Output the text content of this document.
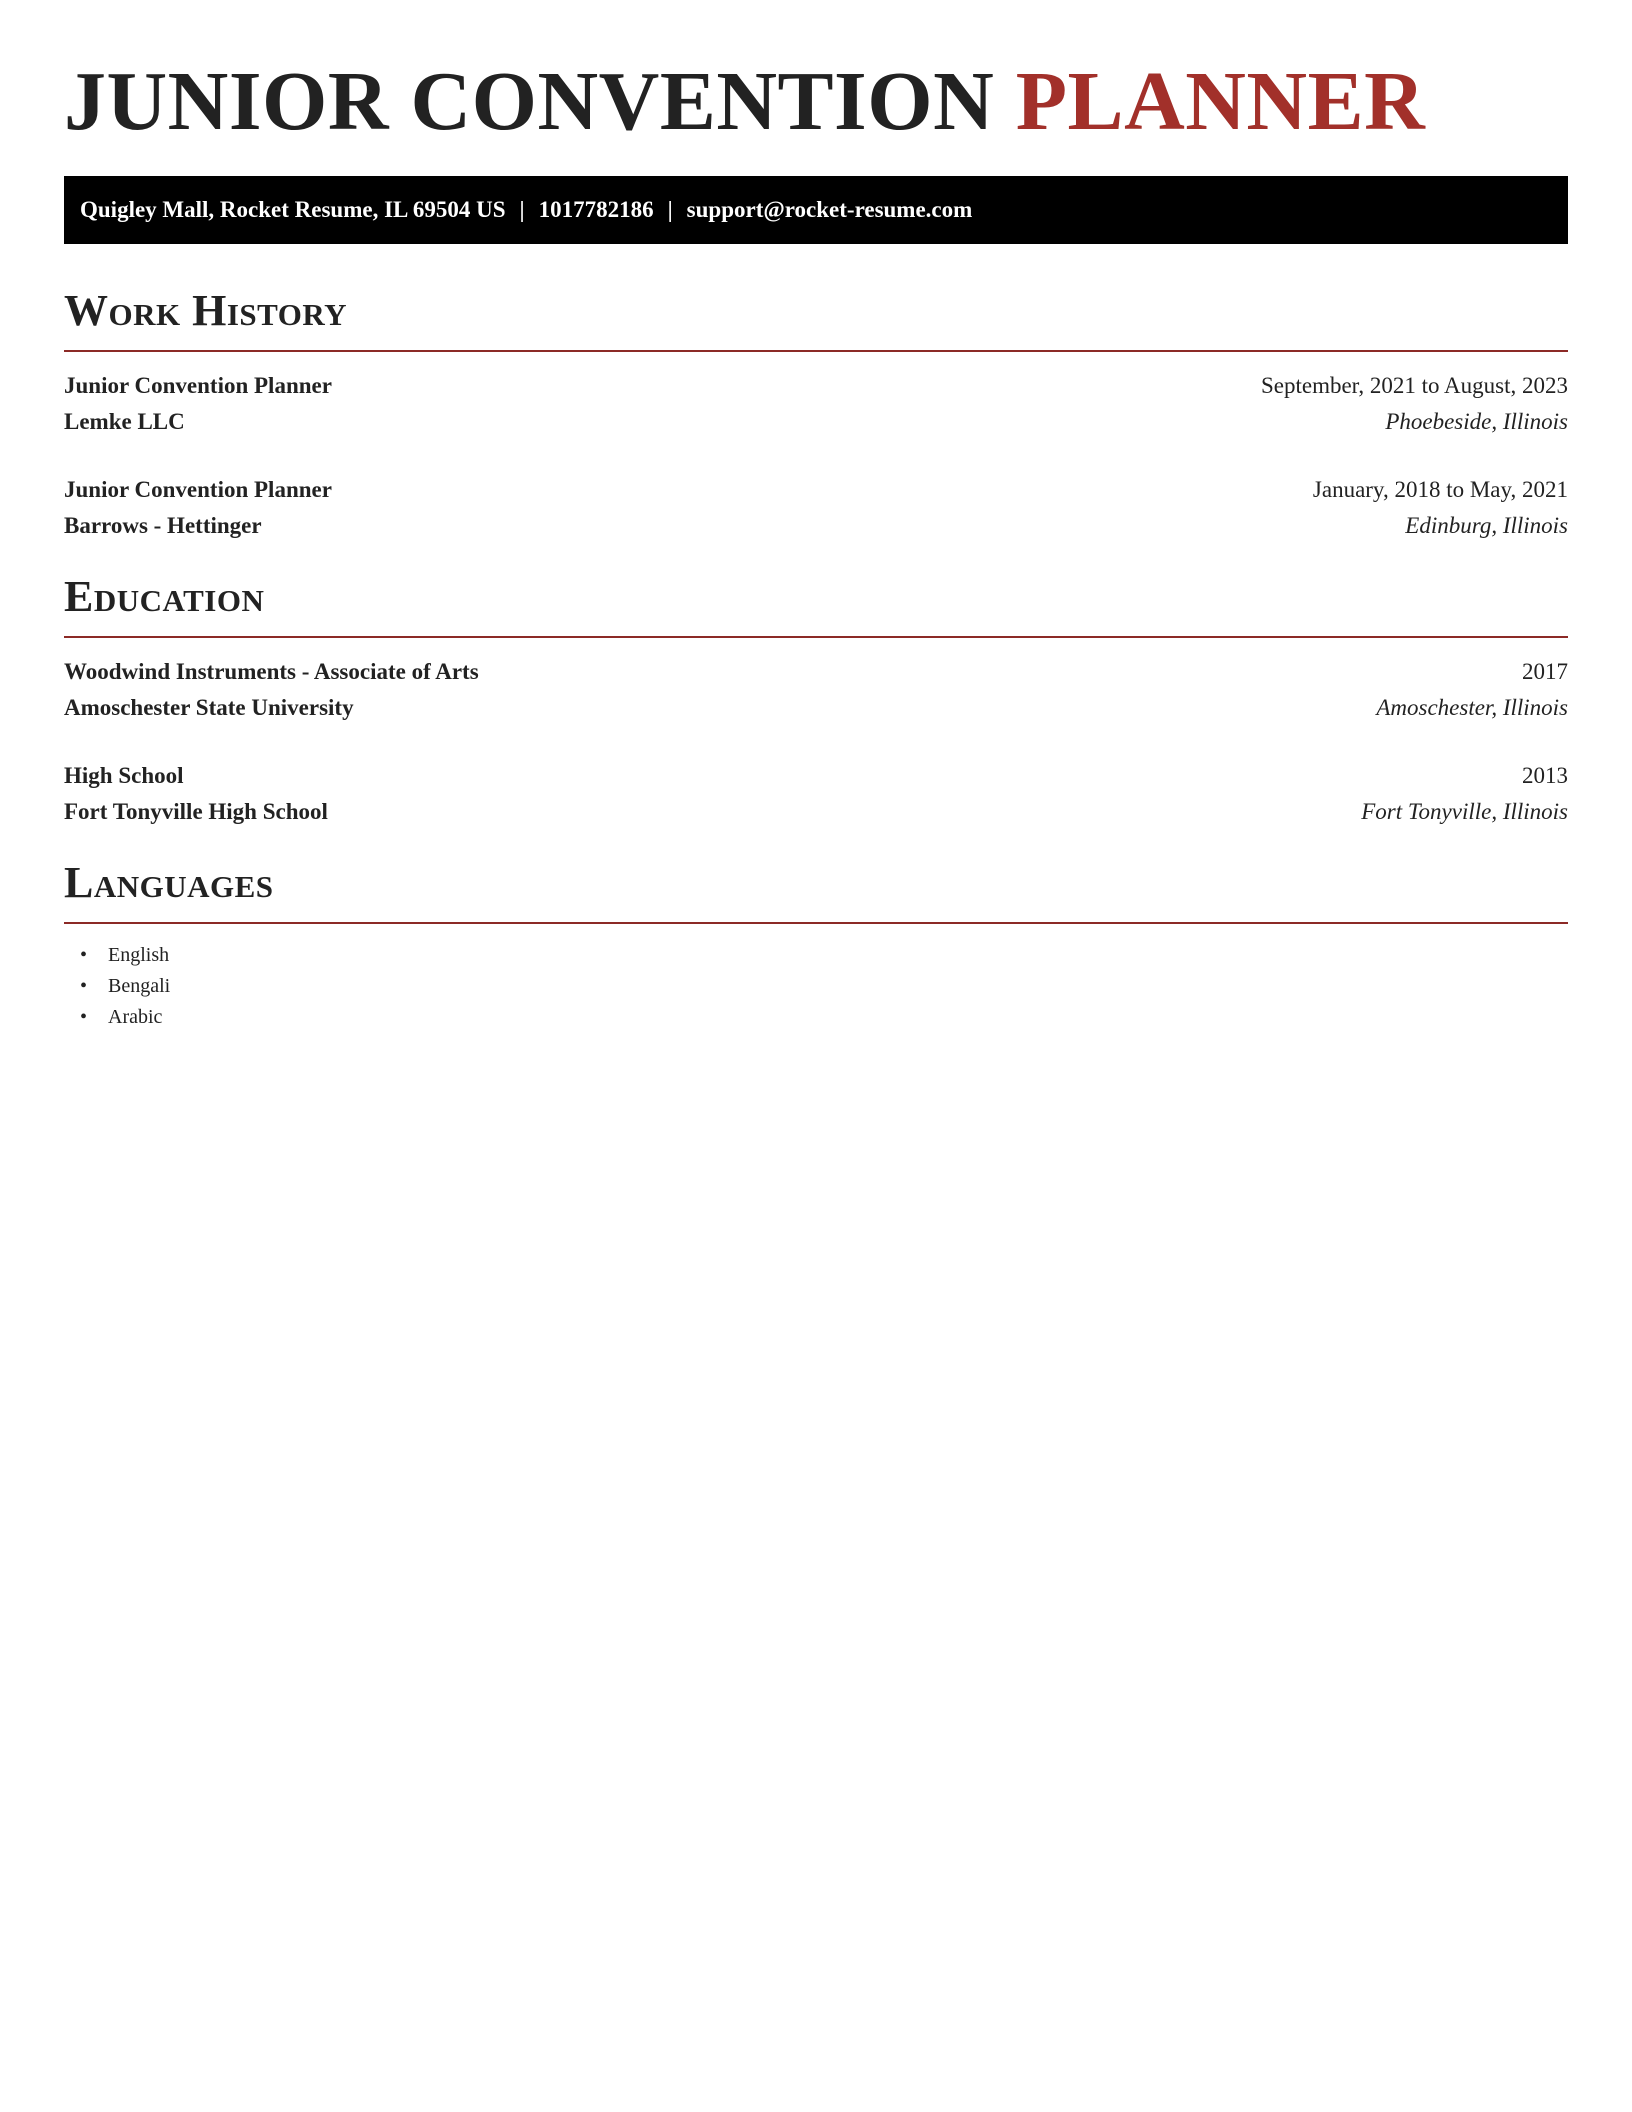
JUNIOR CONVENTION PLANNER
Quigley Mall, Rocket Resume, IL 69504 US | 1017782186 | support@rocket-resume.com
Work History
Junior Convention Planner	September, 2021 to August, 2023
Lemke LLC	Phoebeside, Illinois
Junior Convention Planner	January, 2018 to May, 2021
Barrows - Hettinger	Edinburg, Illinois
Education
Woodwind Instruments - Associate of Arts	2017
Amoschester State University	Amoschester, Illinois
High School	2013
Fort Tonyville High School	Fort Tonyville, Illinois
Languages
• English
• Bengali
• Arabic
